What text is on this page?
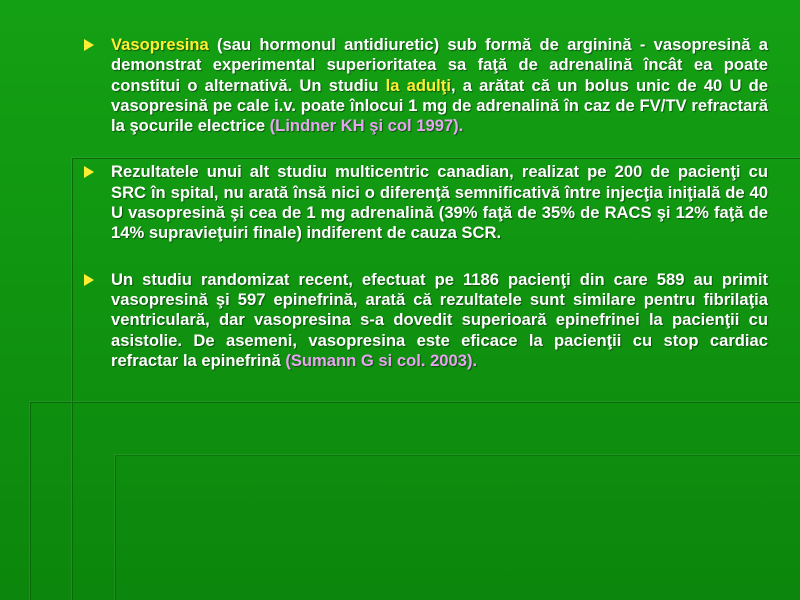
Vasopresina (sau hormonul antidiuretic) sub formă de arginină - vasopresină a demonstrat experimental superioritatea sa faţă de adrenalină încât ea poate constitui o alternativă. Un studiu la adulţi, a arătat că un bolus unic de 40 U de vasopresină pe cale i.v. poate înlocui 1 mg de adrenalină în caz de FV/TV refractară la şocurile electrice (Lindner KH şi col 1997).
Rezultatele unui alt studiu multicentric canadian, realizat pe 200 de pacienţi cu SRC în spital, nu arată însă nici o diferenţă semnificativă între injecţia iniţială de 40 U vasopresină şi cea de 1 mg adrenalină (39% faţă de 35% de RACS şi 12% faţă de 14% supravieţuiri finale) indiferent de cauza SCR.
Un studiu randomizat recent, efectuat pe 1186 pacienţi din care 589 au primit vasopresină şi 597 epinefrină, arată că rezultatele sunt similare pentru fibrilaţia ventriculară, dar vasopresina s-a dovedit superioară epinefrinei la pacienţii cu asistolie. De asemeni, vasopresina este eficace la pacienţii cu stop cardiac refractar la epinefrină (Sumann G si col. 2003).
